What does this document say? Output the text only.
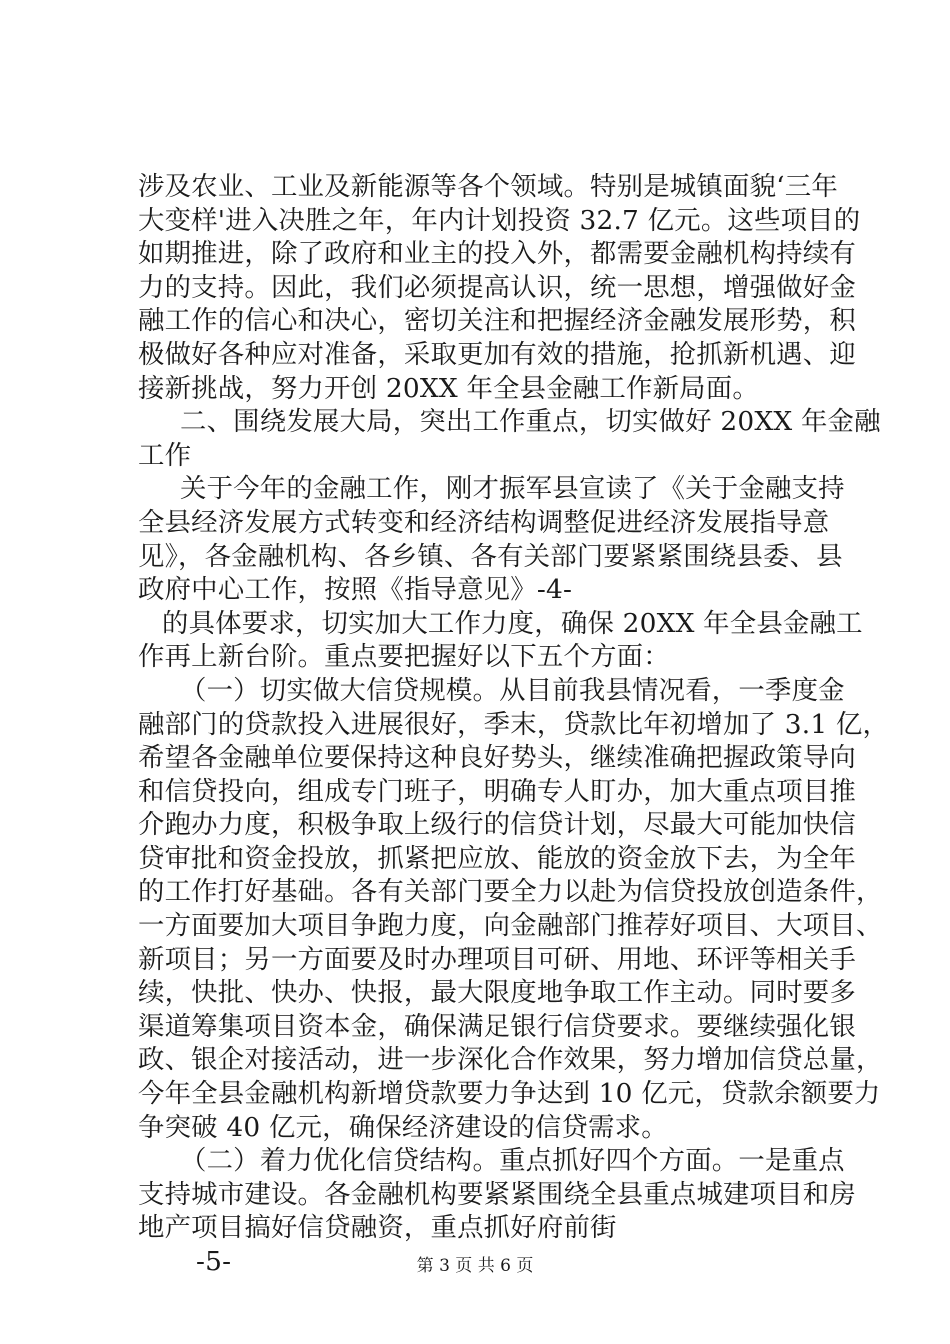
涉及农业、工业及新能源等各个领域。特别是城镇面貌‘三年
大变样'进入决胜之年，年内计划投资 32.7 亿元。这些项目的
如期推进，除了政府和业主的投入外，都需要金融机构持续有
力的支持。因此，我们必须提高认识，统一思想，增强做好金
融工作的信心和决心，密切关注和把握经济金融发展形势，积
极做好各种应对准备，采取更加有效的措施，抢抓新机遇、迎
接新挑战，努力开创 20XX 年全县金融工作新局面。
二、围绕发展大局，突出工作重点，切实做好 20XX 年金融
工作
关于今年的金融工作，刚才振军县宣读了《关于金融支持
全县经济发展方式转变和经济结构调整促进经济发展指导意
见》，各金融机构、各乡镇、各有关部门要紧紧围绕县委、县
政府中心工作，按照《指导意见》-4-
的具体要求，切实加大工作力度，确保 20XX 年全县金融工
作再上新台阶。重点要把握好以下五个方面：
（一）切实做大信贷规模。从目前我县情况看，一季度金
融部门的贷款投入进展很好，季末，贷款比年初增加了 3.1 亿，
希望各金融单位要保持这种良好势头，继续准确把握政策导向
和信贷投向，组成专门班子，明确专人盯办，加大重点项目推
介跑办力度，积极争取上级行的信贷计划，尽最大可能加快信
贷审批和资金投放，抓紧把应放、能放的资金放下去，为全年
的工作打好基础。各有关部门要全力以赴为信贷投放创造条件，
一方面要加大项目争跑力度，向金融部门推荐好项目、大项目、
新项目；另一方面要及时办理项目可研、用地、环评等相关手
续，快批、快办、快报，最大限度地争取工作主动。同时要多
渠道筹集项目资本金，确保满足银行信贷要求。要继续强化银
政、银企对接活动，进一步深化合作效果，努力增加信贷总量，
今年全县金融机构新增贷款要力争达到 10 亿元，贷款余额要力
争突破 40 亿元，确保经济建设的信贷需求。
（二）着力优化信贷结构。重点抓好四个方面。一是重点
支持城市建设。各金融机构要紧紧围绕全县重点城建项目和房
地产项目搞好信贷融资，重点抓好府前街
-5-	第 3 页 共 6 页
